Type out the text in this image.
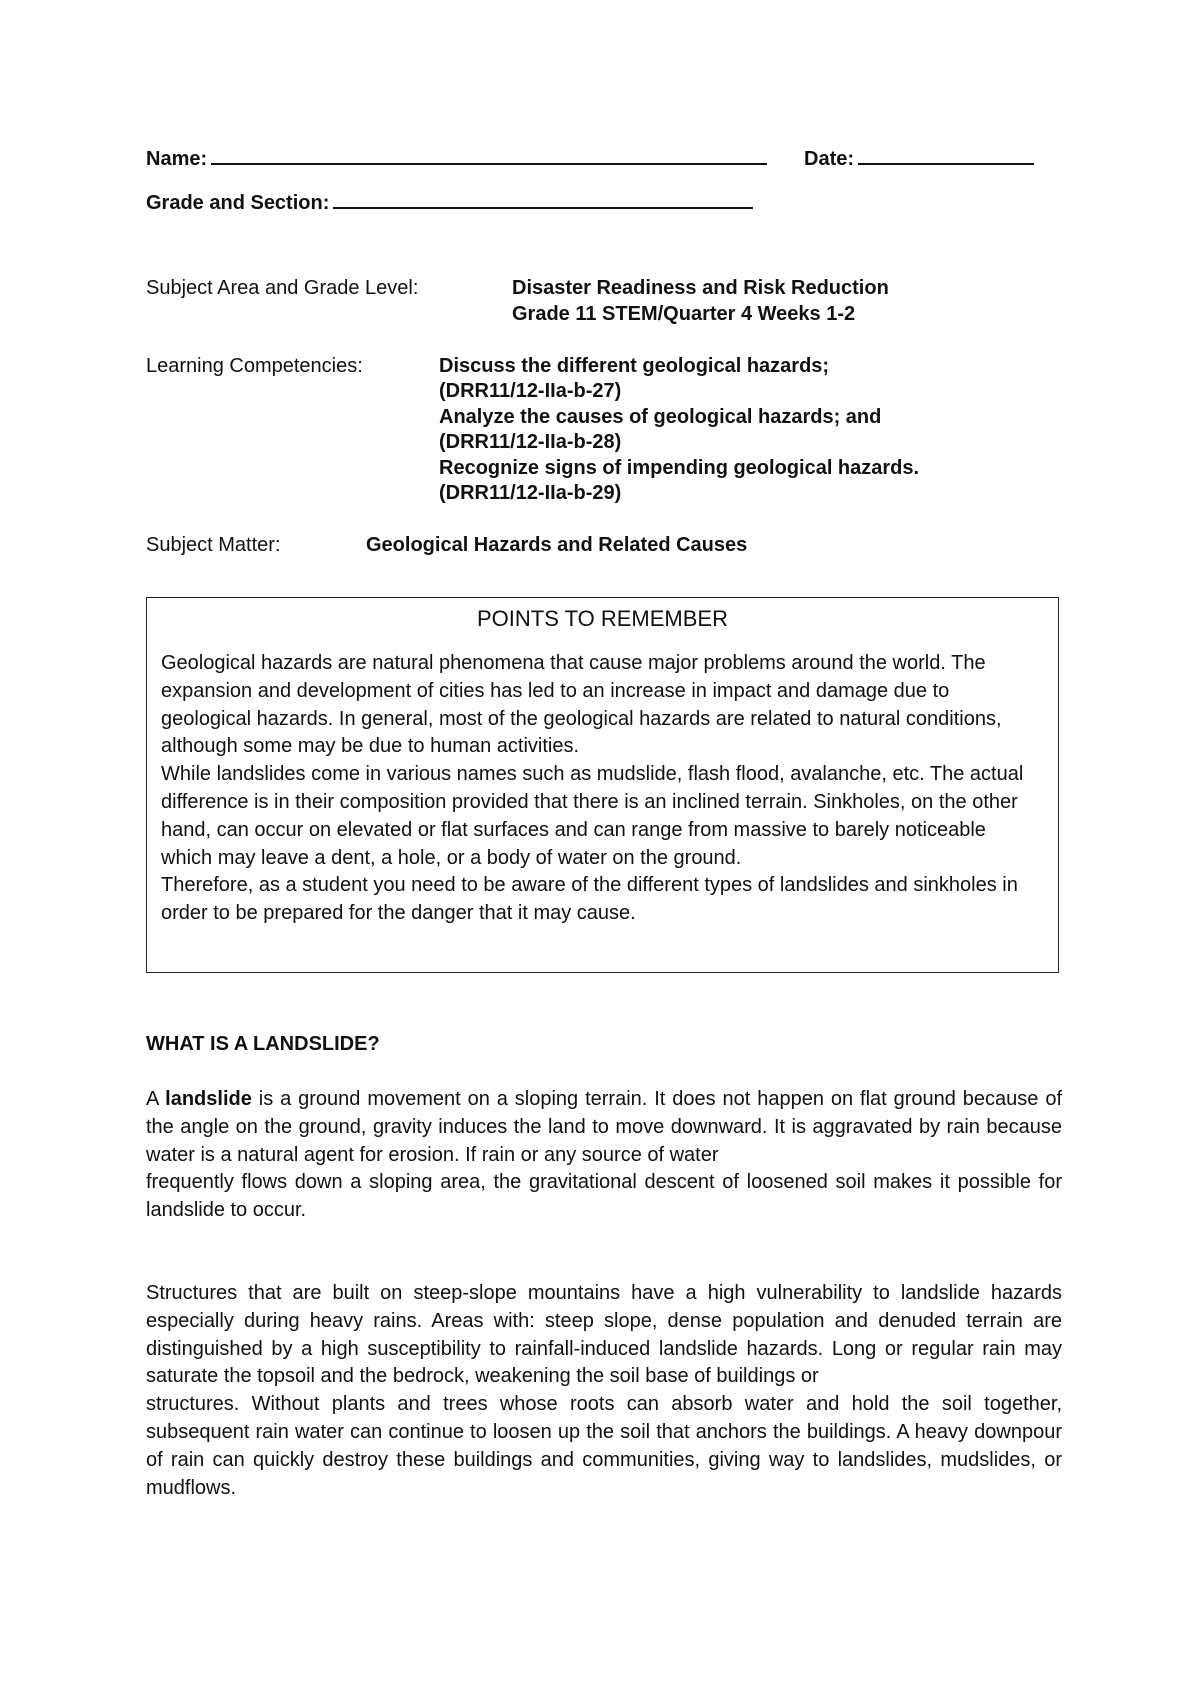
Name:	Date:
Grade and Section:
Subject Area and Grade Level:	Disaster Readiness and Risk Reduction
Grade 11 STEM/Quarter 4 Weeks 1-2
Learning Competencies:	Discuss the different geological hazards;
(DRR11/12-IIa-b-27)
Analyze the causes of geological hazards; and
(DRR11/12-IIa-b-28)
Recognize signs of impending geological hazards.
(DRR11/12-IIa-b-29)
Subject Matter:	Geological Hazards and Related Causes
POINTS TO REMEMBER

Geological hazards are natural phenomena that cause major problems around the world. The expansion and development of cities has led to an increase in impact and damage due to geological hazards. In general, most of the geological hazards are related to natural conditions, although some may be due to human activities.

While landslides come in various names such as mudslide, flash flood, avalanche, etc. The actual difference is in their composition provided that there is an inclined terrain. Sinkholes, on the other hand, can occur on elevated or flat surfaces and can range from massive to barely noticeable which may leave a dent, a hole, or a body of water on the ground.

Therefore, as a student you need to be aware of the different types of landslides and sinkholes in order to be prepared for the danger that it may cause.

WHAT IS A LANDSLIDE?

A landslide is a ground movement on a sloping terrain. It does not happen on flat ground because of the angle on the ground, gravity induces the land to move downward. It is aggravated by rain because water is a natural agent for erosion. If rain or any source of water

frequently flows down a sloping area, the gravitational descent of loosened soil makes it possible for landslide to occur.

Structures that are built on steep-slope mountains have a high vulnerability to landslide hazards especially during heavy rains. Areas with: steep slope, dense population and denuded terrain are distinguished by a high susceptibility to rainfall-induced landslide hazards. Long or regular rain may saturate the topsoil and the bedrock, weakening the soil base of buildings or

structures. Without plants and trees whose roots can absorb water and hold the soil together, subsequent rain water can continue to loosen up the soil that anchors the buildings. A heavy downpour of rain can quickly destroy these buildings and communities, giving way to landslides, mudslides, or mudflows.
